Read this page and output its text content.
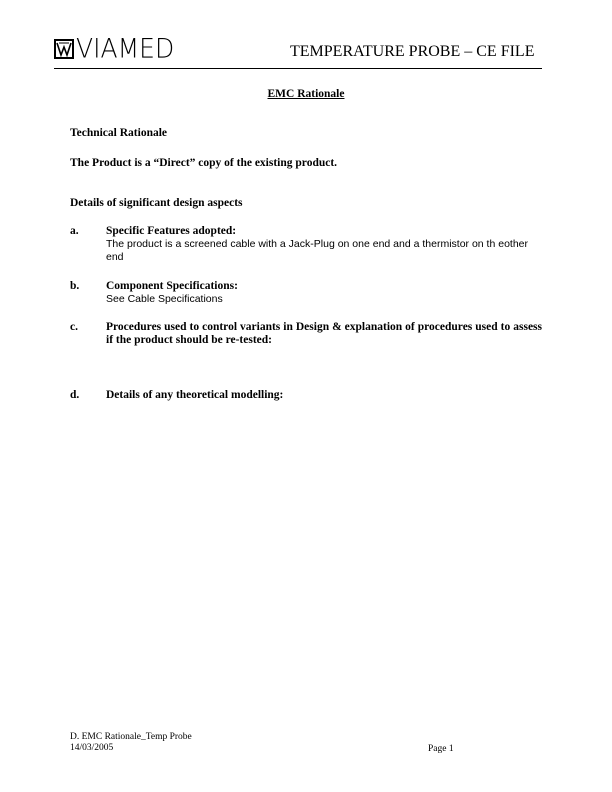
VIAMED	TEMPERATURE PROBE – CE FILE
EMC Rationale
Technical Rationale
The Product is a “Direct” copy of the existing product.
Details of significant design aspects
a. Specific Features adopted:
The product is a screened cable with a Jack-Plug on one end and a thermistor on th eother end
b. Component Specifications:
See Cable Specifications
c. Procedures used to control variants in Design & explanation of procedures used to assess if the product should be re-tested:
d. Details of any theoretical modelling:
D. EMC Rationale_Temp Probe
14/03/2005	Page 1
